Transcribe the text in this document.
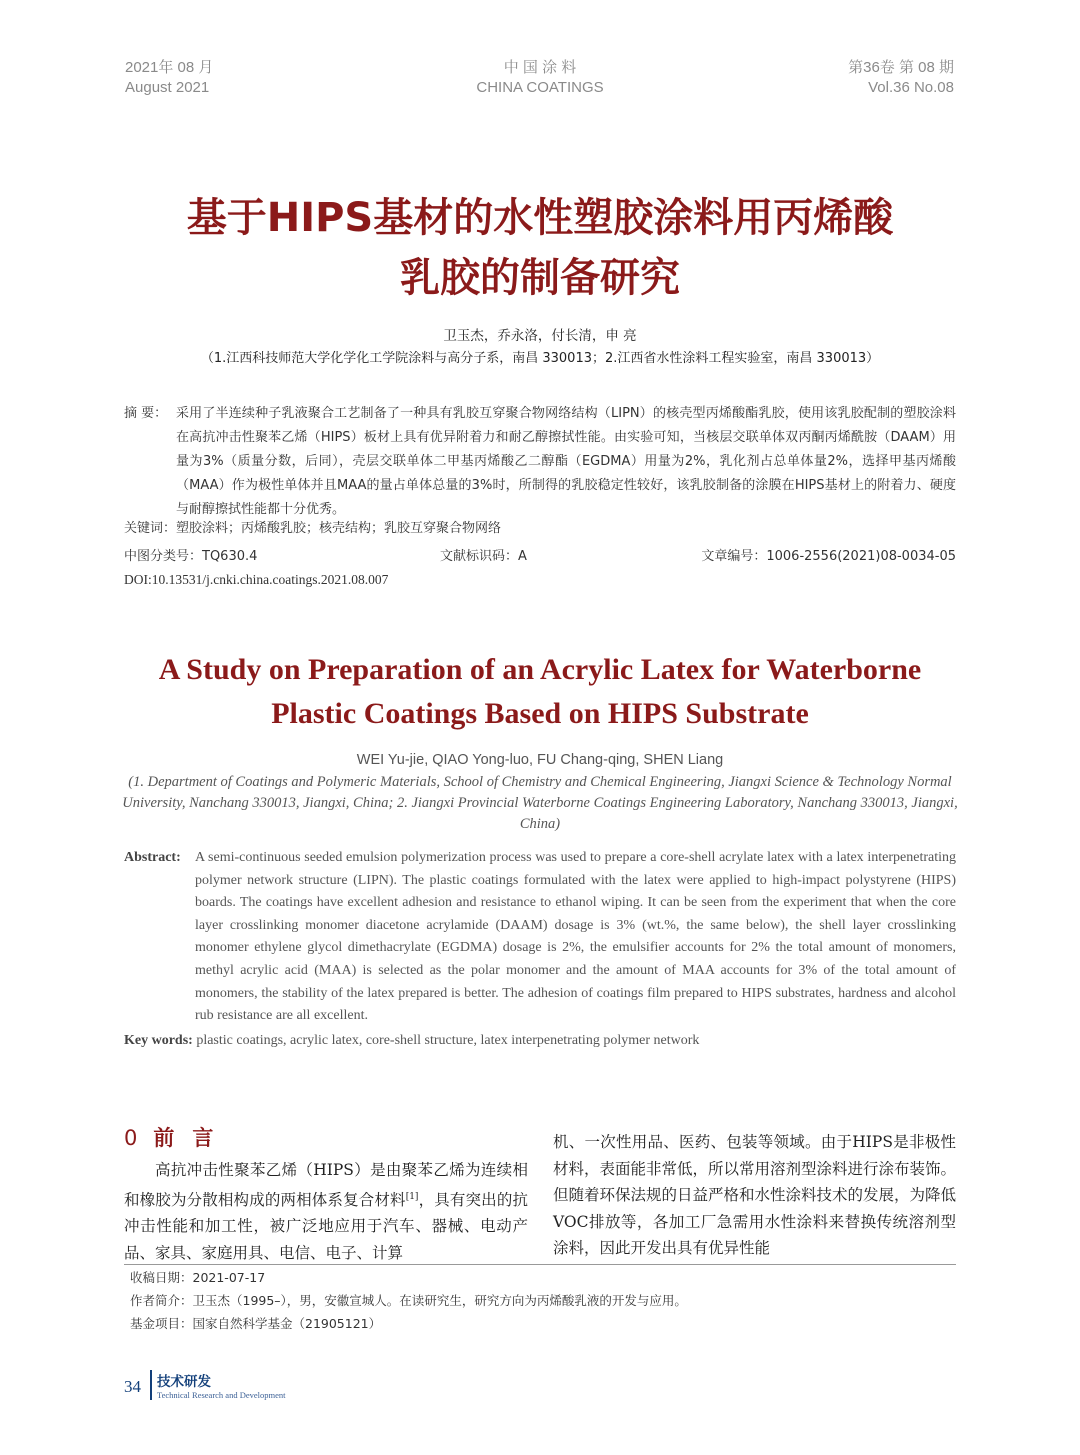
2021年 08 月
August 2021
中 国 涂 料
CHINA COATINGS
第36卷 第 08 期
Vol.36 No.08
基于HIPS基材的水性塑胶涂料用丙烯酸
乳胶的制备研究
卫玉杰，乔永洛，付长清，申 亮
（1.江西科技师范大学化学化工学院涂料与高分子系，南昌 330013；2.江西省水性涂料工程实验室，南昌 330013）
摘 要： 采用了半连续种子乳液聚合工艺制备了一种具有乳胶互穿聚合物网络结构（LIPN）的核壳型丙烯酸酯乳胶，使用该乳胶配制的塑胶涂料在高抗冲击性聚苯乙烯（HIPS）板材上具有优异附着力和耐乙醇擦拭性能。由实验可知，当核层交联单体双丙酮丙烯酰胺（DAAM）用量为3%（质量分数，后同），壳层交联单体二甲基丙烯酸乙二醇酯（EGDMA）用量为2%，乳化剂占总单体量2%，选择甲基丙烯酸（MAA）作为极性单体并且MAA的量占单体总量的3%时，所制得的乳胶稳定性较好，该乳胶制备的涂膜在HIPS基材上的附着力、硬度与耐醇擦拭性能都十分优秀。
关键词：塑胶涂料；丙烯酸乳胶；核壳结构；乳胶互穿聚合物网络
中图分类号：TQ630.4	文献标识码：A	文章编号：1006-2556(2021)08-0034-05
DOI:10.13531/j.cnki.china.coatings.2021.08.007
A Study on Preparation of an Acrylic Latex for Waterborne
Plastic Coatings Based on HIPS Substrate
WEI Yu-jie, QIAO Yong-luo, FU Chang-qing, SHEN Liang
(1. Department of Coatings and Polymeric Materials, School of Chemistry and Chemical Engineering, Jiangxi Science & Technology Normal University, Nanchang 330013, Jiangxi, China; 2. Jiangxi Provincial Waterborne Coatings Engineering Laboratory, Nanchang 330013, Jiangxi, China)
Abstract: A semi-continuous seeded emulsion polymerization process was used to prepare a core-shell acrylate latex with a latex interpenetrating polymer network structure (LIPN). The plastic coatings formulated with the latex were applied to high-impact polystyrene (HIPS) boards. The coatings have excellent adhesion and resistance to ethanol wiping. It can be seen from the experiment that when the core layer crosslinking monomer diacetone acrylamide (DAAM) dosage is 3% (wt.%, the same below), the shell layer crosslinking monomer ethylene glycol dimethacrylate (EGDMA) dosage is 2%, the emulsifier accounts for 2% the total amount of monomers, methyl acrylic acid (MAA) is selected as the polar monomer and the amount of MAA accounts for 3% of the total amount of monomers, the stability of the latex prepared is better. The adhesion of coatings film prepared to HIPS substrates, hardness and alcohol rub resistance are all excellent.
Key words: plastic coatings, acrylic latex, core-shell structure, latex interpenetrating polymer network
0 前言

高抗冲击性聚苯乙烯（HIPS）是由聚苯乙烯为连续相和橡胶为分散相构成的两相体系复合材料[1]，具有突出的抗冲击性能和加工性，被广泛地应用于汽车、器械、电动产品、家具、家庭用具、电信、电子、计算

机、一次性用品、医药、包装等领域。由于HIPS是非极性材料，表面能非常低，所以常用溶剂型涂料进行涂布装饰。但随着环保法规的日益严格和水性涂料技术的发展，为降低VOC排放等，各加工厂急需用水性涂料来替换传统溶剂型涂料，因此开发出具有优异性能

收稿日期：2021-07-17
作者简介：卫玉杰（1995–），男，安徽宣城人。在读研究生，研究方向为丙烯酸乳液的开发与应用。
基金项目：国家自然科学基金（21905121）
34 技术研发
Technical Research and Development
